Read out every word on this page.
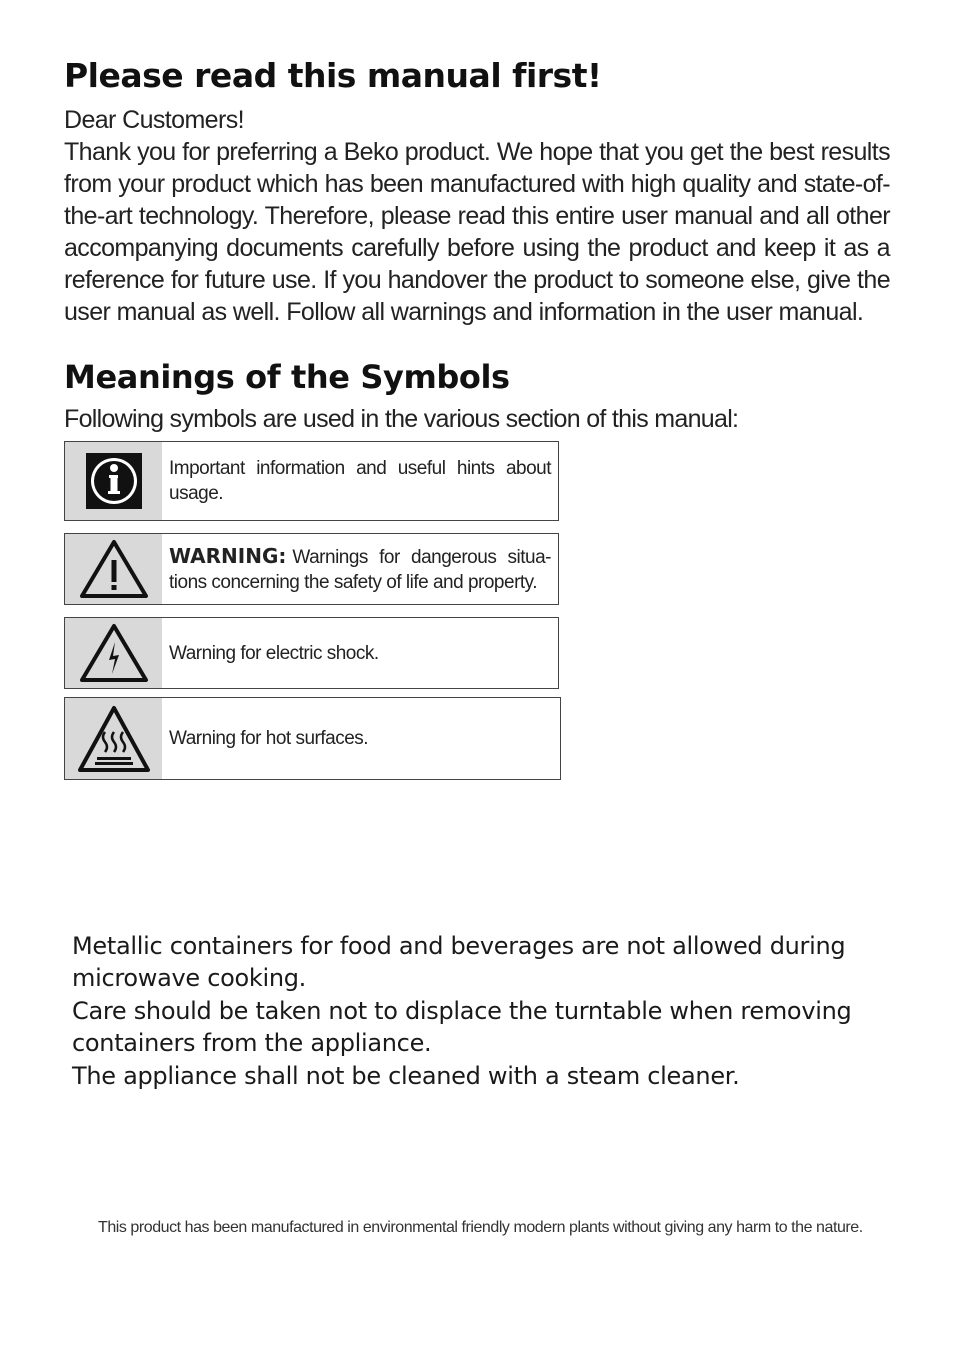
Please read this manual first!

Dear Customers!

Thank you for preferring a Beko product. We hope that you get the best results from your product which has been manufactured with high quality and state-of-the-art technology. Therefore, please read this entire user manual and all other accompanying documents carefully before using the product and keep it as a reference for future use. If you handover the product to someone else, give the user manual as well. Follow all warnings and information in the user manual.

Meanings of the Symbols

Following symbols are used in the various section of this manual:

Important information and useful hints about usage.
WARNING: Warnings for dangerous situa-tions concerning the safety of life and property.
Warning for electric shock.
Warning for hot surfaces.

Metallic containers for food and beverages are not allowed during microwave cooking.

Care should be taken not to displace the turntable when removing containers from the appliance.

The appliance shall not be cleaned with a steam cleaner.

This product has been manufactured in environmental friendly modern plants without giving any harm to the nature.
